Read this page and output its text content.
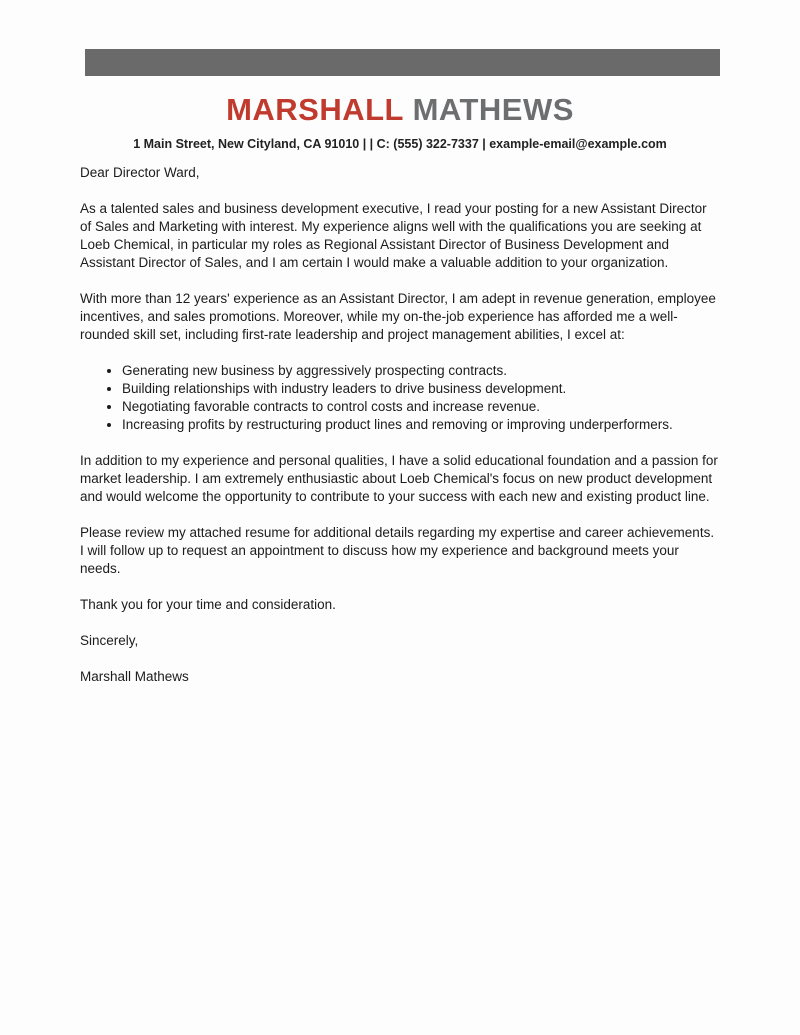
MARSHALL MATHEWS
1 Main Street, New Cityland, CA 91010 | | C: (555) 322-7337 | example-email@example.com

Dear Director Ward,

As a talented sales and business development executive, I read your posting for a new Assistant Director of Sales and Marketing with interest. My experience aligns well with the qualifications you are seeking at Loeb Chemical, in particular my roles as Regional Assistant Director of Business Development and Assistant Director of Sales, and I am certain I would make a valuable addition to your organization.

With more than 12 years' experience as an Assistant Director, I am adept in revenue generation, employee incentives, and sales promotions. Moreover, while my on-the-job experience has afforded me a well-rounded skill set, including first-rate leadership and project management abilities, I excel at:

• Generating new business by aggressively prospecting contracts.
• Building relationships with industry leaders to drive business development.
• Negotiating favorable contracts to control costs and increase revenue.
• Increasing profits by restructuring product lines and removing or improving underperformers.

In addition to my experience and personal qualities, I have a solid educational foundation and a passion for market leadership. I am extremely enthusiastic about Loeb Chemical's focus on new product development and would welcome the opportunity to contribute to your success with each new and existing product line.

Please review my attached resume for additional details regarding my expertise and career achievements. I will follow up to request an appointment to discuss how my experience and background meets your needs.

Thank you for your time and consideration.

Sincerely,

Marshall Mathews
